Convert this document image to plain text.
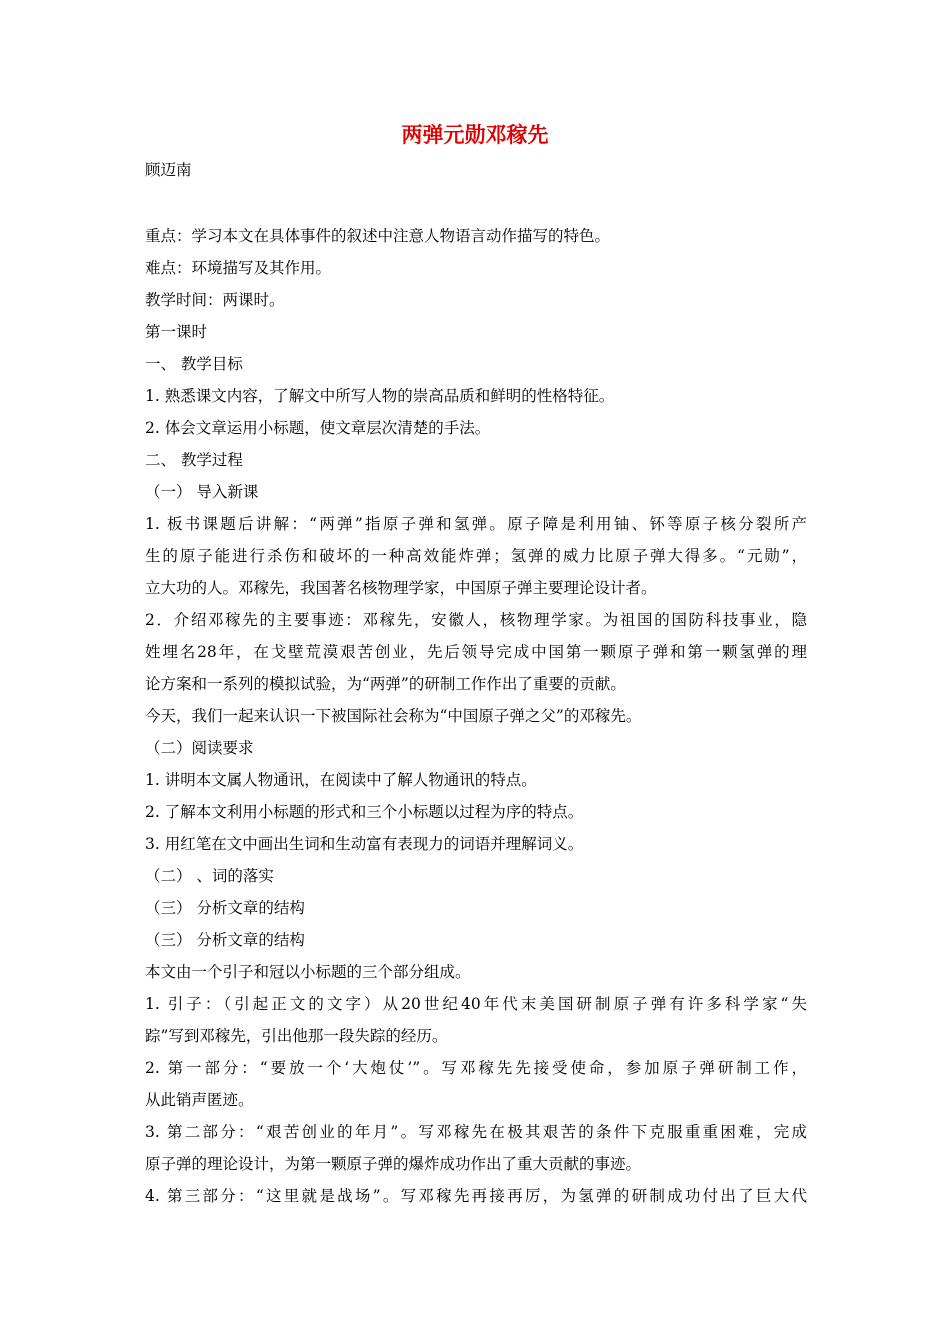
两弹元勋邓稼先
顾迈南
重点：学习本文在具体事件的叙述中注意人物语言动作描写的特色。
难点：环境描写及其作用。
教学时间：两课时。
第一课时
一、 教学目标
1. 熟悉课文内容，了解文中所写人物的崇高品质和鲜明的性格特征。
2. 体会文章运用小标题，使文章层次清楚的手法。
二、 教学过程
（一） 导入新课
1. 板书课题后讲解：“两弹”指原子弹和氢弹。原子障是利用铀、钚等原子核分裂所产
生的原子能进行杀伤和破坏的一种高效能炸弹；氢弹的威力比原子弹大得多。“元勋”，
立大功的人。邓稼先，我国著名核物理学家，中国原子弹主要理论设计者。
2．介绍邓稼先的主要事迹：邓稼先，安徽人，核物理学家。为祖国的国防科技事业，隐
姓埋名28年，在戈壁荒漠艰苦创业，先后领导完成中国第一颗原子弹和第一颗氢弹的理
论方案和一系列的模拟试验，为“两弹”的研制工作作出了重要的贡献。
今天，我们一起来认识一下被国际社会称为“中国原子弹之父”的邓稼先。
（二）阅读要求
1. 讲明本文属人物通讯，在阅读中了解人物通讯的特点。
2. 了解本文利用小标题的形式和三个小标题以过程为序的特点。
3. 用红笔在文中画出生词和生动富有表现力的词语并理解词义。
（二） 、词的落实
（三） 分析文章的结构
（三） 分析文章的结构
本文由一个引子和冠以小标题的三个部分组成。
1. 引子：（引起正文的文字）从20世纪40年代末美国研制原子弹有许多科学家“失
踪”写到邓稼先，引出他那一段失踪的经历。
2. 第一部分：“要放一个‘大炮仗’”。写邓稼先先接受使命，参加原子弹研制工作，
从此销声匿迹。
3. 第二部分：“艰苦创业的年月”。写邓稼先在极其艰苦的条件下克服重重困难，完成
原子弹的理论设计，为第一颗原子弹的爆炸成功作出了重大贡献的事迹。
4. 第三部分：“这里就是战场”。写邓稼先再接再厉，为氢弹的研制成功付出了巨大代
